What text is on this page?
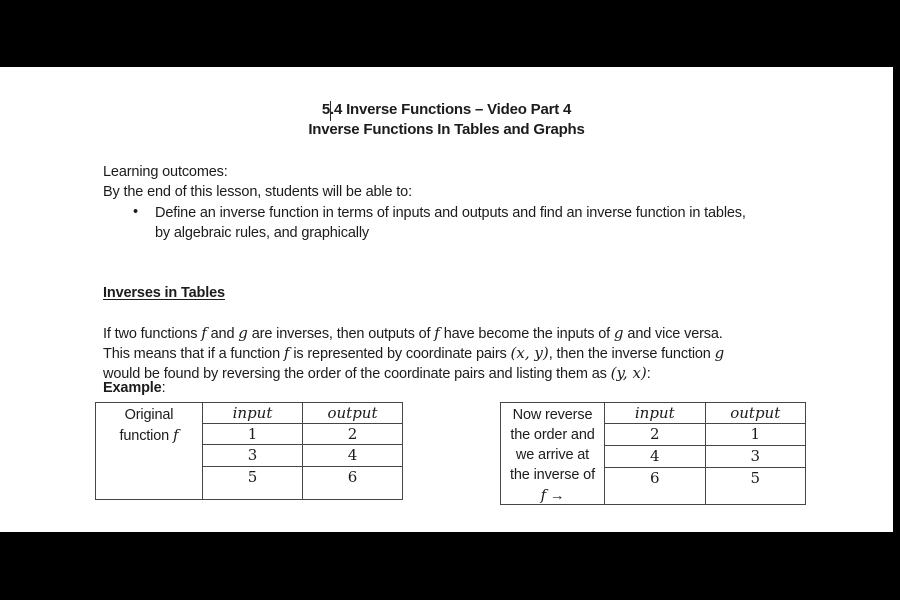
5.4 Inverse Functions – Video Part 4
Inverse Functions In Tables and Graphs
Learning outcomes:
By the end of this lesson, students will be able to:
• Define an inverse function in terms of inputs and outputs and find an inverse function in tables,
by algebraic rules, and graphically
Inverses in Tables
If two functions f and g are inverses, then outputs of f have become the inputs of g and vice versa.
This means that if a function f is represented by coordinate pairs (x, y), then the inverse function g
would be found by reversing the order of the coordinate pairs and listing them as (y, x):
Example:
Original
function f
input	output
1	2
3	4
5	6
Now reverse
the order and
we arrive at
the inverse of
f →
input	output
2	1
4	3
6	5
